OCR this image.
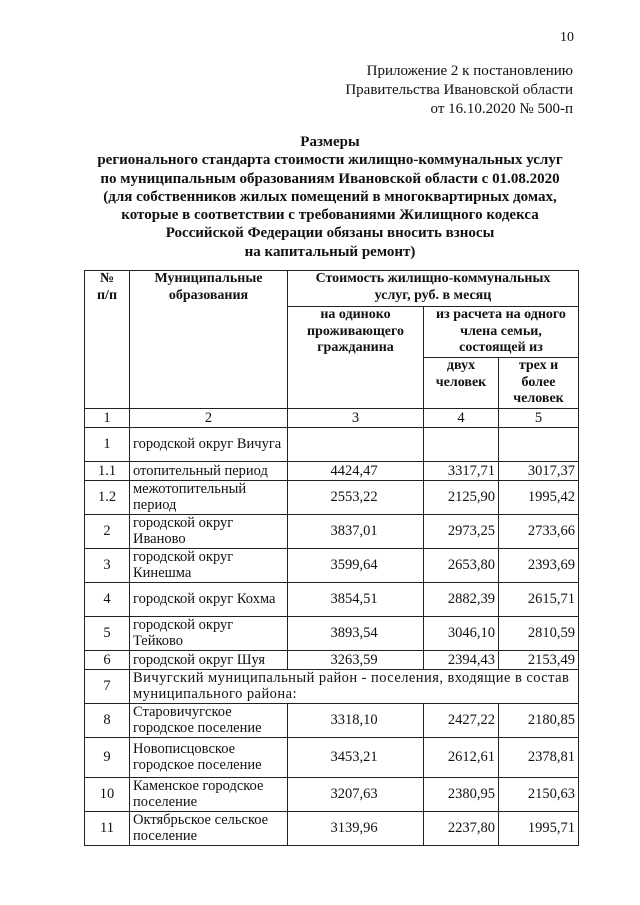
10
Приложение 2 к постановлению
Правительства Ивановской области
от 16.10.2020 № 500-п
Размеры
регионального стандарта стоимости жилищно-коммунальных услуг
по муниципальным образованиям Ивановской области с 01.08.2020
(для собственников жилых помещений в многоквартирных домах,
которые в соответствии с требованиями Жилищного кодекса
Российской Федерации обязаны вносить взносы
на капитальный ремонт)
№ п/п	Муниципальные образования	Стоимость жилищно-коммунальных услуг, руб. в месяц		
		на одиноко проживающего гражданина	из расчета на одного члена семьи, состоящей из	
			двух человек	трех и более человек
1	2	3	4	5
1	городской округ Вичуга			
1.1	отопительный период	4424,47	3317,71	3017,37
1.2	межотопительный период	2553,22	2125,90	1995,42
2	городской округ Иваново	3837,01	2973,25	2733,66
3	городской округ Кинешма	3599,64	2653,80	2393,69
4	городской округ Кохма	3854,51	2882,39	2615,71
5	городской округ Тейково	3893,54	3046,10	2810,59
6	городской округ Шуя	3263,59	2394,43	2153,49
7	Вичугский муниципальный район - поселения, входящие в состав муниципального района:			
8	Старовичугское городское поселение	3318,10	2427,22	2180,85
9	Новописцовское городское поселение	3453,21	2612,61	2378,81
10	Каменское городское поселение	3207,63	2380,95	2150,63
11	Октябрьское сельское поселение	3139,96	2237,80	1995,71
